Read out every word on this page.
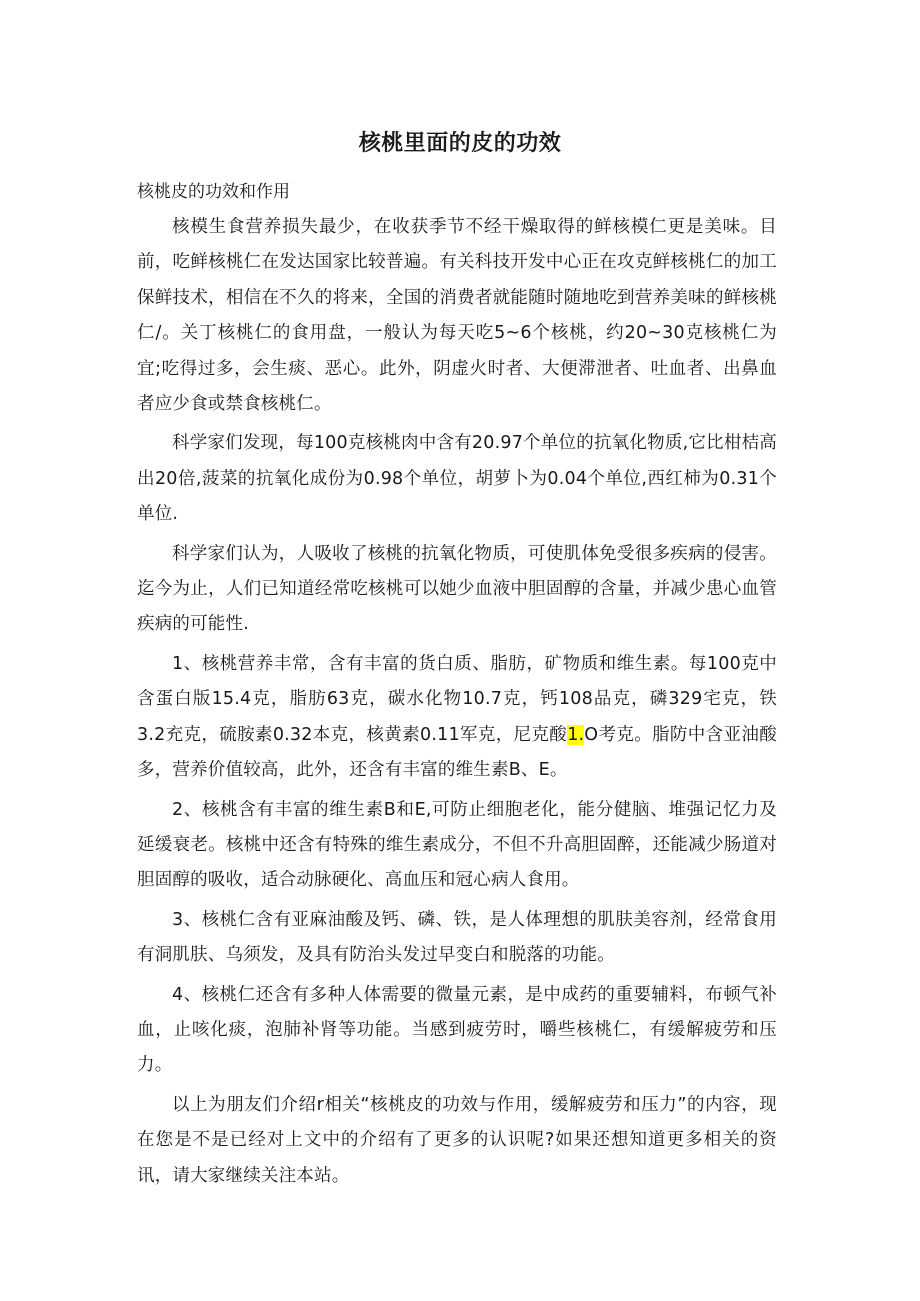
核桃里面的皮的功效
核桃皮的功效和作用

核模生食营养损失最少，在收获季节不经干燥取得的鲜核模仁更是美味。目前，吃鲜核桃仁在发达国家比较普遍。有关科技开发中心正在攻克鲜核桃仁的加工保鲜技术，相信在不久的将来，全国的消费者就能随时随地吃到营养美味的鲜核桃仁/。关丁核桃仁的食用盘，一般认为每天吃5~6个核桃，约20~30克核桃仁为宜;吃得过多，会生痰、恶心。此外，阴虚火时者、大便滞泄者、吐血者、出鼻血者应少食或禁食核桃仁。

科学家们发现，每100克核桃肉中含有20.97个单位的抗氧化物质,它比柑桔高出20倍,菠菜的抗氧化成份为0.98个单位，胡萝卜为0.04个单位,西红柿为0.31个单位.

科学家们认为，人吸收了核桃的抗氧化物质，可使肌体免受很多疾病的侵害。迄今为止，人们已知道经常吃核桃可以她少血液中胆固醇的含量，并减少患心血管疾病的可能性.

1、核桃营养丰常，含有丰富的货白质、脂肪，矿物质和维生素。每100克中含蛋白版15.4克，脂肪63克，碳水化物10.7克，钙108品克，磷329宅克，铁3.2充克，硫胺素0.32本克，核黄素0.11军克，尼克酸1.O考克。脂防中含亚油酸多，营养价值较高，此外，还含有丰富的维生素B、E。

2、核桃含有丰富的维生素B和E,可防止细胞老化，能分健脑、堆强记忆力及延缓衰老。核桃中还含有特殊的维生素成分，不但不升高胆固醉，还能减少肠道对胆固醇的吸收，适合动脉硬化、高血压和冠心病人食用。

3、核桃仁含有亚麻油酸及钙、磷、铁，是人体理想的肌肤美容剂，经常食用有洞肌肤、乌须发，及具有防治头发过早变白和脱落的功能。

4、核桃仁还含有多种人体需要的微量元素，是中成药的重要辅料，布顿气补血，止咳化痰，泡肺补肾等功能。当感到疲劳时，嚼些核桃仁，有缓解疲劳和压力。

以上为朋友们介绍r相关“核桃皮的功效与作用，缓解疲劳和压力”的内容，现在您是不是已经对上文中的介绍有了更多的认识呢?如果还想知道更多相关的资讯，请大家继续关注本站。
